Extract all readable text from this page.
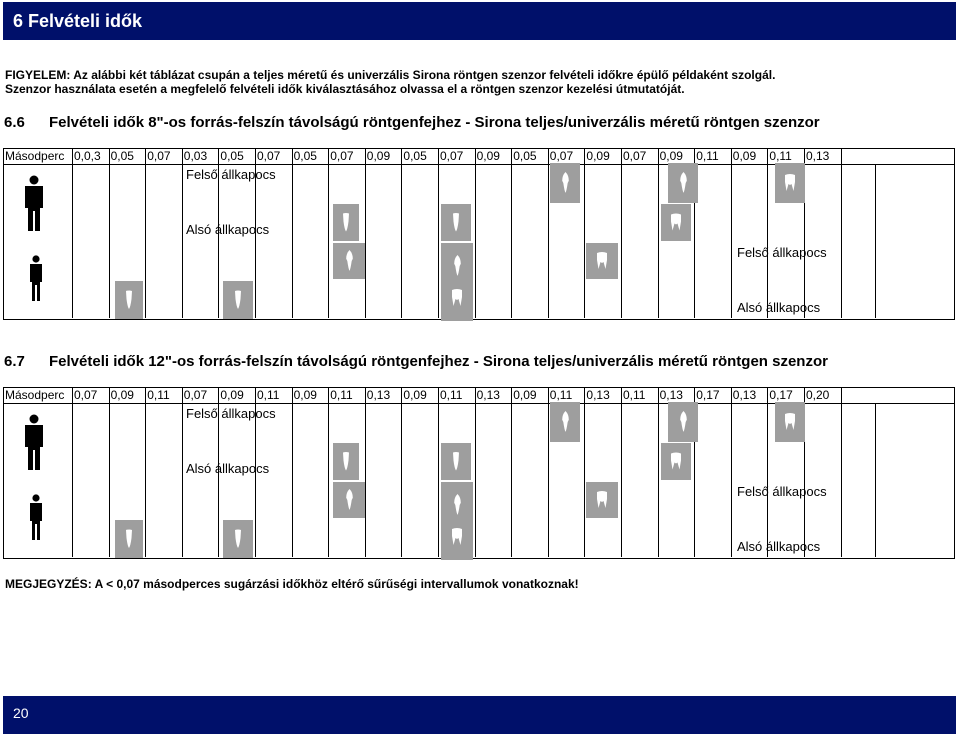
6 Felvételi idők
FIGYELEM: Az alábbi két táblázat csupán a teljes méretű és univerzális Sirona röntgen szenzor felvételi időkre épülő példaként szolgál.
Szenzor használata esetén a megfelelő felvételi idők kiválasztásához olvassa el a röntgen szenzor kezelési útmutatóját.
6.6 Felvételi idők 8"-os forrás-felszín távolságú röntgenfejhez - Sirona teljes/univerzális méretű röntgen szenzor
Másodperc 0,0,3 0,05 0,07 0,03 0,05 0,07 0,05 0,07 0,09 0,05 0,07 0,09 0,05 0,07 0,09 0,07 0,09 0,11 0,09 0,11 0,13
Felső állkapocs
Alsó állkapocs
Felső állkapocs
Alsó állkapocs
6.7 Felvételi idők 12"-os forrás-felszín távolságú röntgenfejhez - Sirona teljes/univerzális méretű röntgen szenzor
Másodperc 0,07 0,09 0,11 0,07 0,09 0,11 0,09 0,11 0,13 0,09 0,11 0,13 0,09 0,11 0,13 0,11 0,13 0,17 0,13 0,17 0,20
Felső állkapocs
Alsó állkapocs
Felső állkapocs
Alsó állkapocs
MEGJEGYZÉS: A < 0,07 másodperces sugárzási időkhöz eltérő sűrűségi intervallumok vonatkoznak!
20
